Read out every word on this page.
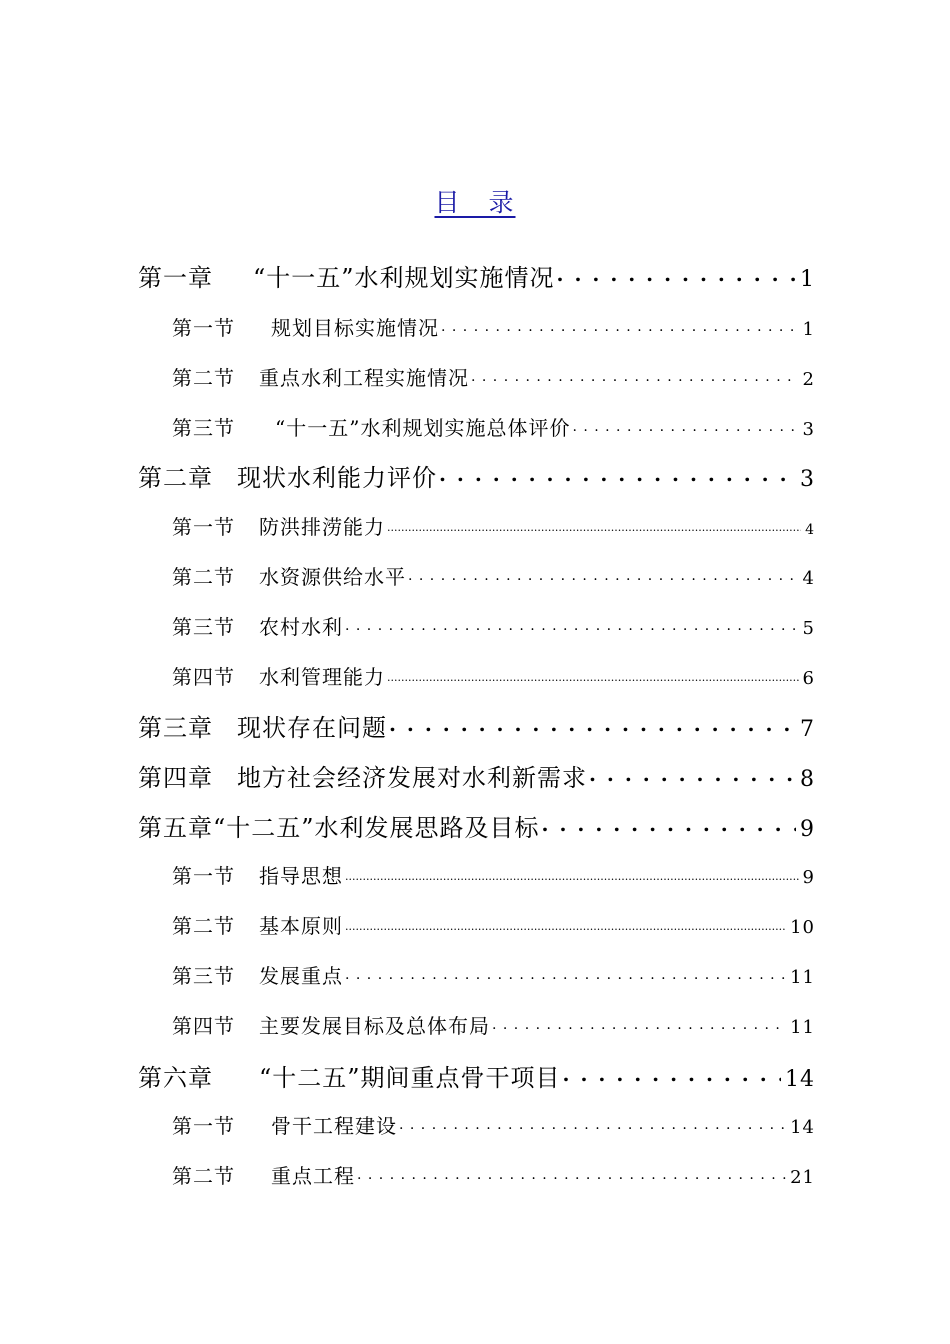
目　录
第一章 “十一五”水利规划实施情况 . . .	1
第一节 规划目标实施情况 . . .	1
第二节 重点水利工程实施情况 . . .	2
第三节 “十一五”水利规划实施总体评价 . . .	3
第二章 现状水利能力评价 . . .	3
第一节 防洪排涝能力 .....	4
第二节 水资源供给水平 . . .	4
第三节 农村水利 . . .	5
第四节 水利管理能力 .....	6
第三章 现状存在问题 . . .	7
第四章 地方社会经济发展对水利新需求 . . .	8
第五章 “十二五”水利发展思路及目标 . . .	9
第一节 指导思想 .....	9
第二节 基本原则 .....	10
第三节 发展重点 . . .	11
第四节 主要发展目标及总体布局 . . .	11
第六章 “十二五”期间重点骨干项目 . . .	14
第一节 骨干工程建设 . . .	14
第二节 重点工程 . . .	21
